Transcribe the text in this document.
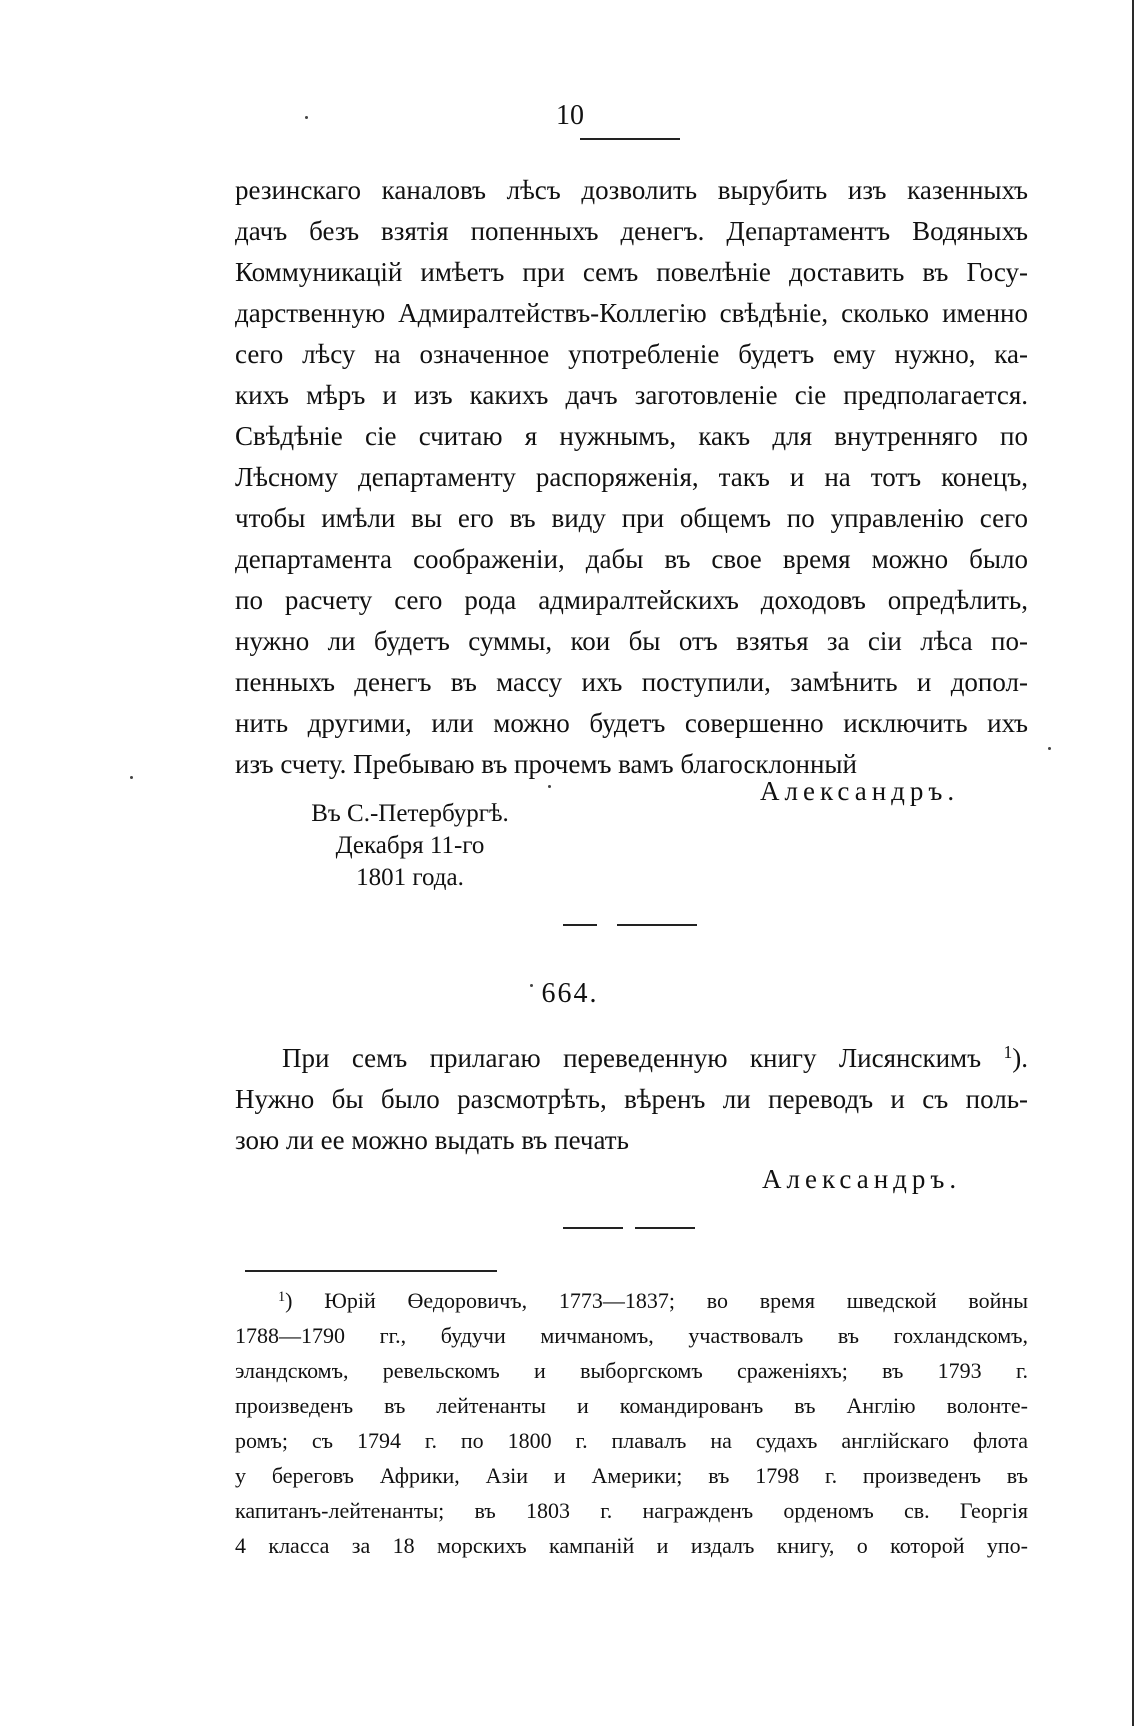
10
резинскаго каналовъ лѣсъ дозволить вырубить изъ казенныхъ
дачъ безъ взятія попенныхъ денегъ. Департаментъ Водяныхъ
Коммуникацій имѣетъ при семъ повелѣніе доставить въ Госу-
дарственную Адмиралтействъ-Коллегію свѣдѣніе, сколько именно
сего лѣсу на означенное употребленіе будетъ ему нужно, ка-
кихъ мѣръ и изъ какихъ дачъ заготовленіе сіе предполагается.
Свѣдѣніе сіе считаю я нужнымъ, какъ для внутренняго по
Лѣсному департаменту распоряженія, такъ и на тотъ конецъ,
чтобы имѣли вы его въ виду при общемъ по управленію сего
департамента соображеніи, дабы въ свое время можно было
по расчету сего рода адмиралтейскихъ доходовъ опредѣлить,
нужно ли будетъ суммы, кои бы отъ взятья за сіи лѣса по-
пенныхъ денегъ въ массу ихъ поступили, замѣнить и допол-
нить другими, или можно будетъ совершенно исключить ихъ
изъ счету. Пребываю въ прочемъ вамъ благосклонный
Александръ.
Въ С.-Петербургѣ.
Декабря 11-го
1801 года.
664.
При семъ прилагаю переведенную книгу Лисянскимъ $^1$).
Нужно бы было разсмотрѣть, вѣренъ ли переводъ и съ поль-
зою ли ее можно выдать въ печать
Александръ.
$^1$) Юрій Өедоровичъ, 1773—1837; во время шведской войны
1788—1790 гг., будучи мичманомъ, участвовалъ въ гохландскомъ,
эландскомъ, ревельскомъ и выборгскомъ сраженіяхъ; въ 1793 г.
произведенъ въ лейтенанты и командированъ въ Англію волонте-
ромъ; съ 1794 г. по 1800 г. плавалъ на судахъ англійскаго флота
у береговъ Африки, Азіи и Америки; въ 1798 г. произведенъ въ
капитанъ-лейтенанты; въ 1803 г. награжденъ орденомъ св. Георгія
4 класса за 18 морскихъ кампаній и издалъ книгу, о которой упо-
